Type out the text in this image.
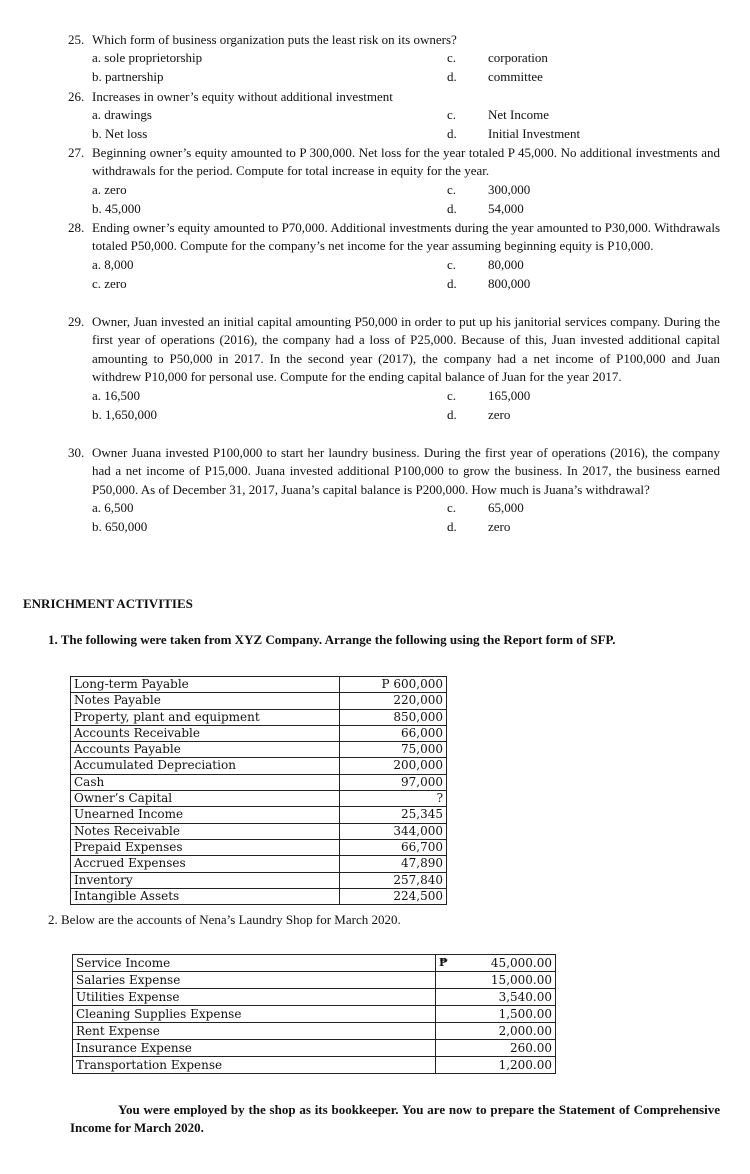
25. Which form of business organization puts the least risk on its owners?
a. sole proprietorship	c. corporation
b. partnership	d. committee
26. Increases in owner’s equity without additional investment
a. drawings	c. Net Income
b. Net loss	d. Initial Investment
27. Beginning owner’s equity amounted to P 300,000. Net loss for the year totaled P 45,000. No additional investments and withdrawals for the period. Compute for total increase in equity for the year.
a. zero	c. 300,000
b. 45,000	d. 54,000
28. Ending owner’s equity amounted to P70,000. Additional investments during the year amounted to P30,000. Withdrawals totaled P50,000. Compute for the company’s net income for the year assuming beginning equity is P10,000.
a. 8,000	c. 80,000
c. zero	d. 800,000
29. Owner, Juan invested an initial capital amounting P50,000 in order to put up his janitorial services company. During the first year of operations (2016), the company had a loss of P25,000. Because of this, Juan invested additional capital amounting to P50,000 in 2017. In the second year (2017), the company had a net income of P100,000 and Juan withdrew P10,000 for personal use. Compute for the ending capital balance of Juan for the year 2017.
a. 16,500	c. 165,000
b. 1,650,000	d. zero
30. Owner Juana invested P100,000 to start her laundry business. During the first year of operations (2016), the company had a net income of P15,000. Juana invested additional P100,000 to grow the business. In 2017, the business earned P50,000. As of December 31, 2017, Juana’s capital balance is P200,000. How much is Juana’s withdrawal?
a. 6,500	c. 65,000
b. 650,000	d. zero
ENRICHMENT ACTIVITIES
1. The following were taken from XYZ Company. Arrange the following using the Report form of SFP.
Long-term Payable	P 600,000
Notes Payable	220,000
Property, plant and equipment	850,000
Accounts Receivable	66,000
Accounts Payable	75,000
Accumulated Depreciation	200,000
Cash	97,000
Owner’s Capital	?
Unearned Income	25,345
Notes Receivable	344,000
Prepaid Expenses	66,700
Accrued Expenses	47,890
Inventory	257,840
Intangible Assets	224,500
2. Below are the accounts of Nena’s Laundry Shop for March 2020.
Service Income	₱ 45,000.00
Salaries Expense	15,000.00
Utilities Expense	3,540.00
Cleaning Supplies Expense	1,500.00
Rent Expense	2,000.00
Insurance Expense	260.00
Transportation Expense	1,200.00
You were employed by the shop as its bookkeeper. You are now to prepare the Statement of Comprehensive Income for March 2020.
